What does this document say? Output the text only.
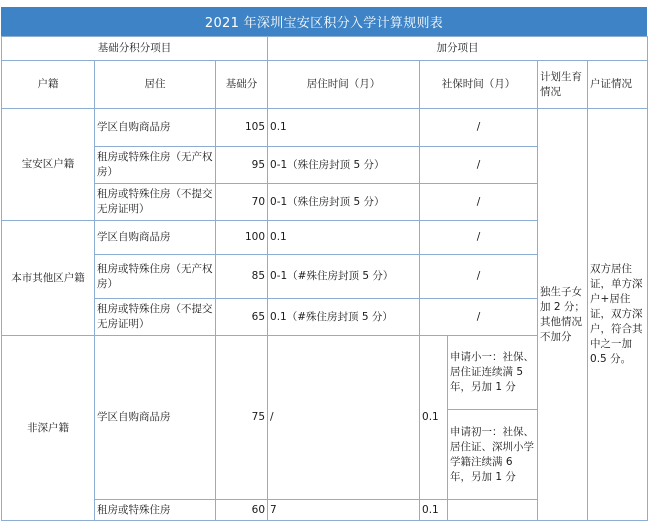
2021 年深圳宝安区积分入学计算规则表
基础分积分项目			加分项目				
户籍	居住	基础分	居住时间（月）	社保时间（月）		计划生育情况	户证情况
宝安区户籍	学区自购商品房	105	0.1	/		独生子女加 2 分；其他情况不加分	双方居住证，单方深户+居住证，双方深户，符合其中之一加 0.5 分。
	租房或特殊住房（无产权房）	95	0-1（殊住房封顶 5 分）	/			
	租房或特殊住房（不提交无房证明）	70	0-1（殊住房封顶 5 分）	/			
本市其他区户籍	学区自购商品房	100	0.1	/			
	租房或特殊住房（无产权房）	85	0-1（#殊住房封顶 5 分）	/			
	租房或特殊住房（不提交无房证明）	65	0.1（#殊住房封顶 5 分）	/			
非深户籍	学区自购商品房	75	/	0.1	申请小一：社保、居住证连续满 5 年，另加 1 分		
					申请初一：社保、居住证、深圳小学学籍注续满 6 年，另加 1 分		
	租房或特殊住房	60	7	0.1			
